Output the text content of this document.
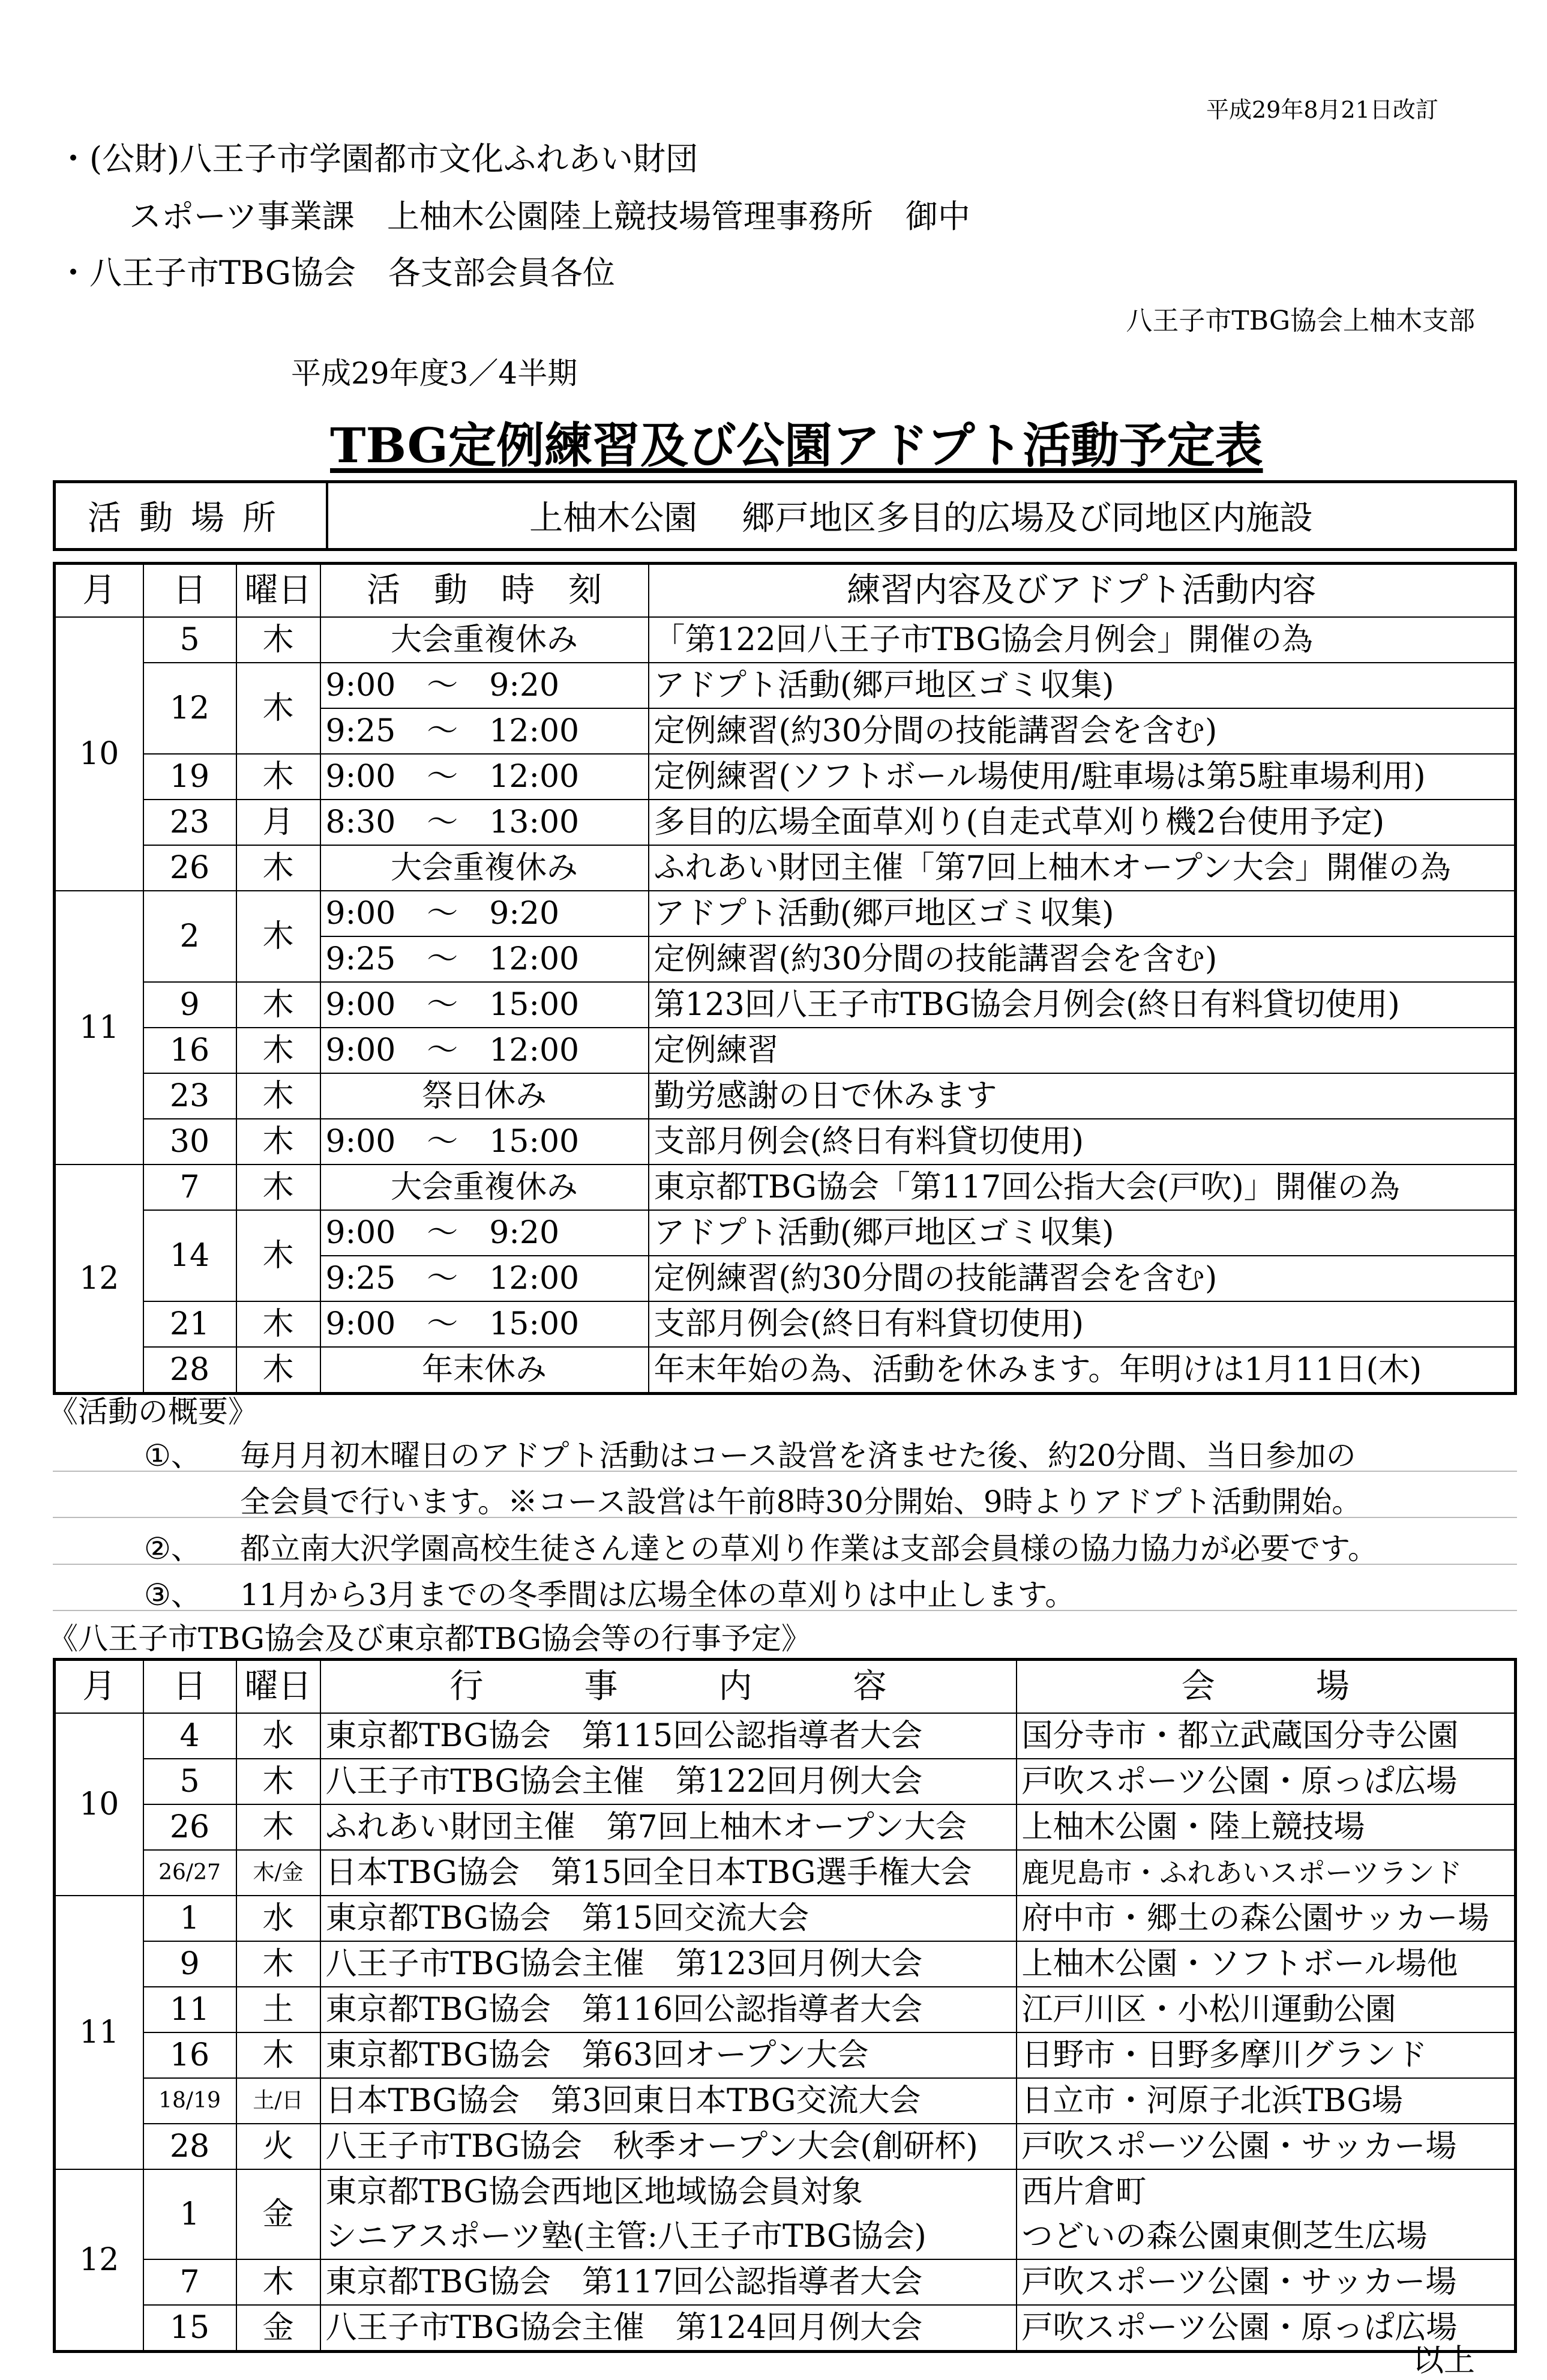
平成29年8月21日改訂
・(公財)八王子市学園都市文化ふれあい財団
スポーツ事業課　上柚木公園陸上競技場管理事務所　御中
・八王子市TBG協会　各支部会員各位
八王子市TBG協会上柚木支部
平成29年度3／4半期
TBG定例練習及び公園アドプト活動予定表
活動場所	上柚木公園　 郷戸地区多目的広場及び同地区内施設
月	日	曜日	活　動　時　刻	練習内容及びアドプト活動内容
10	5	木	大会重複休み	「第122回八王子市TBG協会月例会」開催の為
	12	木	9:00　～　9:20	アドプト活動(郷戸地区ゴミ収集)
			9:25　～　12:00	定例練習(約30分間の技能講習会を含む)
	19	木	9:00　～　12:00	定例練習(ソフトボール場使用/駐車場は第5駐車場利用)
	23	月	8:30　～　13:00	多目的広場全面草刈り(自走式草刈り機2台使用予定)
	26	木	大会重複休み	ふれあい財団主催「第7回上柚木オープン大会」開催の為
11	2	木	9:00　～　9:20	アドプト活動(郷戸地区ゴミ収集)
			9:25　～　12:00	定例練習(約30分間の技能講習会を含む)
	9	木	9:00　～　15:00	第123回八王子市TBG協会月例会(終日有料貸切使用)
	16	木	9:00　～　12:00	定例練習
	23	木	祭日休み	勤労感謝の日で休みます
	30	木	9:00　～　15:00	支部月例会(終日有料貸切使用)
12	7	木	大会重複休み	東京都TBG協会「第117回公指大会(戸吹)」開催の為
	14	木	9:00　～　9:20	アドプト活動(郷戸地区ゴミ収集)
			9:25　～　12:00	定例練習(約30分間の技能講習会を含む)
	21	木	9:00　～　15:00	支部月例会(終日有料貸切使用)
	28	木	年末休み	年末年始の為、活動を休みます。年明けは1月11日(木)
《活動の概要》
①、 毎月月初木曜日のアドプト活動はコース設営を済ませた後、約20分間、当日参加の
全会員で行います。※コース設営は午前8時30分開始、9時よりアドプト活動開始。
②、 都立南大沢学園高校生徒さん達との草刈り作業は支部会員様の協力協力が必要です。
③、 11月から3月までの冬季間は広場全体の草刈りは中止します。
《八王子市TBG協会及び東京都TBG協会等の行事予定》
月	日	曜日	行　　　事　　　内　　　容	会　　　場
10	4	水	東京都TBG協会　第115回公認指導者大会	国分寺市・都立武蔵国分寺公園
	5	木	八王子市TBG協会主催　第122回月例大会	戸吹スポーツ公園・原っぱ広場
	26	木	ふれあい財団主催　第7回上柚木オープン大会	上柚木公園・陸上競技場
	26/27	木/金	日本TBG協会　第15回全日本TBG選手権大会	鹿児島市・ふれあいスポーツランド
11	1	水	東京都TBG協会　第15回交流大会	府中市・郷土の森公園サッカー場
	9	木	八王子市TBG協会主催　第123回月例大会	上柚木公園・ソフトボール場他
	11	土	東京都TBG協会　第116回公認指導者大会	江戸川区・小松川運動公園
	16	木	東京都TBG協会　第63回オープン大会	日野市・日野多摩川グランド
	18/19	土/日	日本TBG協会　第3回東日本TBG交流大会	日立市・河原子北浜TBG場
	28	火	八王子市TBG協会　秋季オープン大会(創研杯)	戸吹スポーツ公園・サッカー場
12	1	金	東京都TBG協会西地区地域協会員対象	西片倉町
			シニアスポーツ塾(主管:八王子市TBG協会)	つどいの森公園東側芝生広場
	7	木	東京都TBG協会　第117回公認指導者大会	戸吹スポーツ公園・サッカー場
	15	金	八王子市TBG協会主催　第124回月例大会	戸吹スポーツ公園・原っぱ広場
以上
